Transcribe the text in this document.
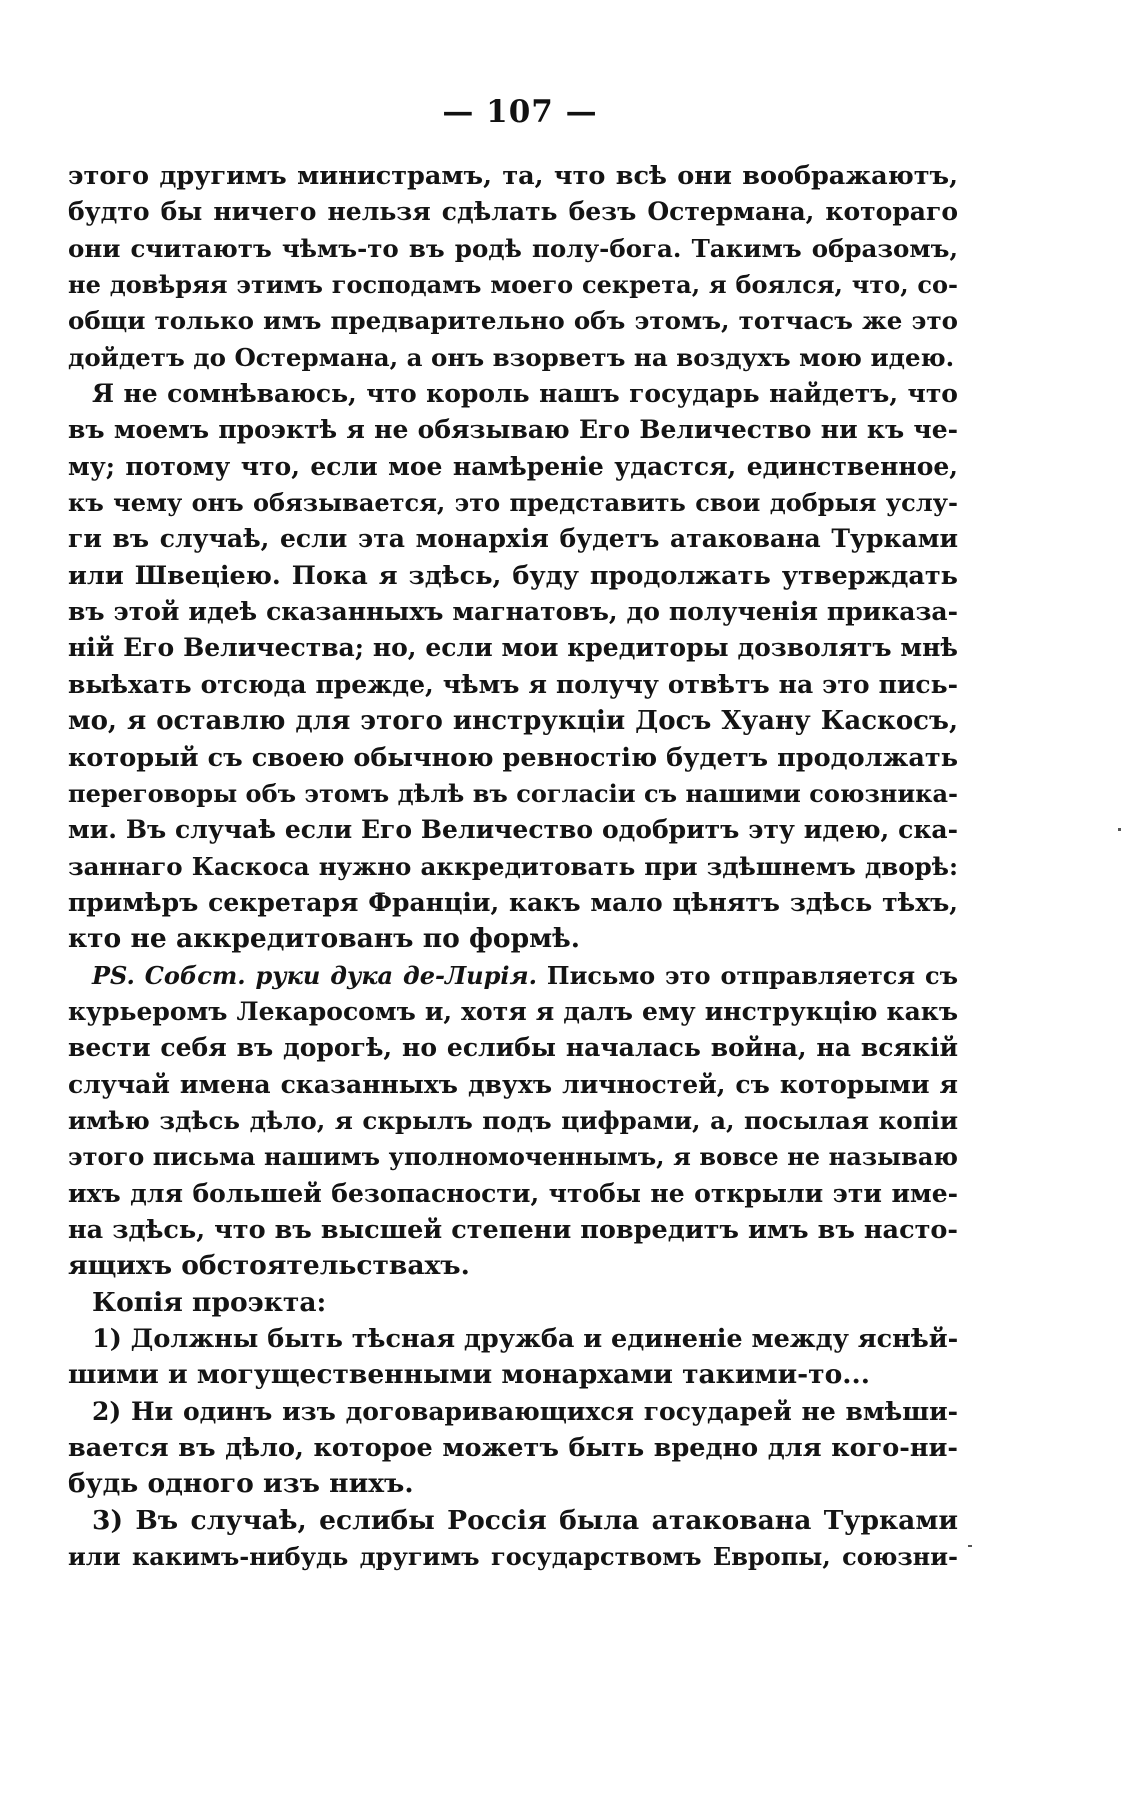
— 107 —
этого другимъ министрамъ, та, что всѣ они воображаютъ,
будто бы ничего нельзя сдѣлать безъ Остермана, котораго
они считаютъ чѣмъ-то въ родѣ полу-бога. Такимъ образомъ,
не довѣряя этимъ господамъ моего секрета, я боялся, что, со-
общи только имъ предварительно объ этомъ, тотчасъ же это
дойдетъ до Остермана, а онъ взорветъ на воздухъ мою идею.
Я не сомнѣваюсь, что король нашъ государь найдетъ, что
въ моемъ проэктѣ я не обязываю Его Величество ни къ че-
му; потому что, если мое намѣреніе удастся, единственное,
къ чему онъ обязывается, это представить свои добрыя услу-
ги въ случаѣ, если эта монархія будетъ атакована Турками
или Швеціею. Пока я здѣсь, буду продолжать утверждать
въ этой идеѣ сказанныхъ магнатовъ, до полученія приказа-
ній Его Величества; но, если мои кредиторы дозволятъ мнѣ
выѣхать отсюда прежде, чѣмъ я получу отвѣтъ на это пись-
мо, я оставлю для этого инструкціи Досъ Хуану Каскосъ,
который съ своею обычною ревностію будетъ продолжать
переговоры объ этомъ дѣлѣ въ согласіи съ нашими союзника-
ми. Въ случаѣ если Его Величество одобритъ эту идею, ска-
заннаго Каскоса нужно аккредитовать при здѣшнемъ дворѣ:
примѣръ секретаря Франціи, какъ мало цѣнятъ здѣсь тѣхъ,
кто не аккредитованъ по формѣ.
PS. Собст. руки дука де-Лирія. Письмо это отправляется съ
курьеромъ Лекаросомъ и, хотя я далъ ему инструкцію какъ
вести себя въ дорогѣ, но еслибы началась война, на всякій
случай имена сказанныхъ двухъ личностей, съ которыми я
имѣю здѣсь дѣло, я скрылъ подъ цифрами, а, посылая копіи
этого письма нашимъ уполномоченнымъ, я вовсе не называю
ихъ для большей безопасности, чтобы не открыли эти име-
на здѣсь, что въ высшей степени повредитъ имъ въ насто-
ящихъ обстоятельствахъ.
Копія проэкта:
1) Должны быть тѣсная дружба и единеніе между яснѣй-
шими и могущественными монархами такими-то...
2) Ни одинъ изъ договаривающихся государей не вмѣши-
вается въ дѣло, которое можетъ быть вредно для кого-ни-
будь одного изъ нихъ.
3) Въ случаѣ, еслибы Россія была атакована Турками
или какимъ-нибудь другимъ государствомъ Европы, союзни-
